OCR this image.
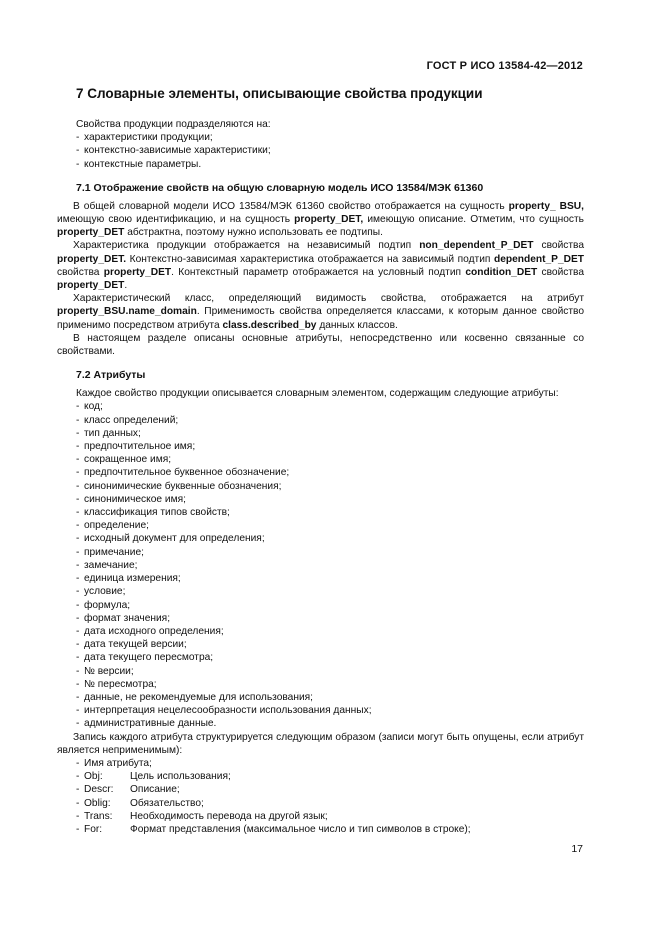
ГОСТ Р ИСО 13584-42—2012
7 Словарные элементы, описывающие свойства продукции

Свойства продукции подразделяются на:

- характеристики продукции;
- контекстно-зависимые характеристики;
- контекстные параметры.
7.1 Отображение свойств на общую словарную модель ИСО 13584/МЭК 61360

В общей словарной модели ИСО 13584/МЭК 61360 свойство отображается на сущность property_ BSU, имеющую свою идентификацию, и на сущность property_DET, имеющую описание. Отметим, что сущность property_DET абстрактна, поэтому нужно использовать ее подтипы.

Характеристика продукции отображается на независимый подтип non_dependent_P_DET свойства property_DET. Контекстно-зависимая характеристика отображается на зависимый подтип dependent_P_DET свойства property_DET. Контекстный параметр отображается на условный подтип condition_DET свойства property_DET.

Характеристический класс, определяющий видимость свойства, отображается на атрибут property_BSU.name_domain. Применимость свойства определяется классами, к которым данное свойство применимо посредством атрибута class.described_by данных классов.

В настоящем разделе описаны основные атрибуты, непосредственно или косвенно связанные со свойствами.

7.2 Атрибуты

Каждое свойство продукции описывается словарным элементом, содержащим следующие атрибуты:

- код;
- класс определений;
- тип данных;
- предпочтительное имя;
- сокращенное имя;
- предпочтительное буквенное обозначение;
- синонимические буквенные обозначения;
- синонимическое имя;
- классификация типов свойств;
- определение;
- исходный документ для определения;
- примечание;
- замечание;
- единица измерения;
- условие;
- формула;
- формат значения;
- дата исходного определения;
- дата текущей версии;
- дата текущего пересмотра;
- № версии;
- № пересмотра;
- данные, не рекомендуемые для использования;
- интерпретация нецелесообразности использования данных;
- административные данные.

Запись каждого атрибута структурируется следующим образом (записи могут быть опущены, если атрибут является неприменимым):

- Имя атрибута;
- Obj:	Цель использования;
- Descr:	Описание;
- Oblig:	Обязательство;
- Trans:	Необходимость перевода на другой язык;
- For:	Формат представления (максимальное число и тип символов в строке);
17
